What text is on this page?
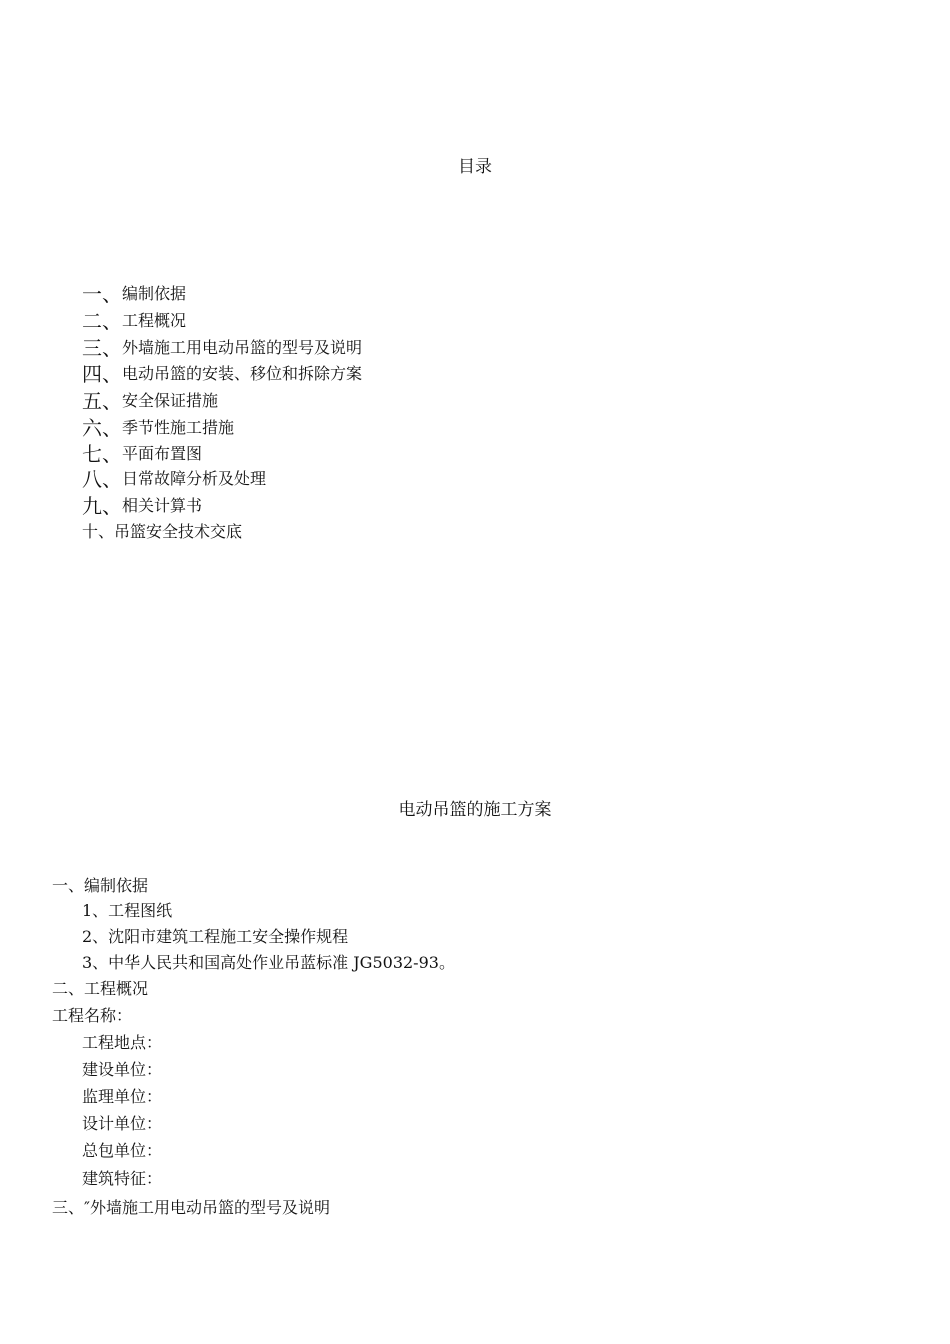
目录
一、编制依据
二、工程概况
三、外墙施工用电动吊篮的型号及说明
四、电动吊篮的安装、移位和拆除方案
五、安全保证措施
六、季节性施工措施
七、平面布置图
八、日常故障分析及处理
九、相关计算书
十、吊篮安全技术交底
电动吊篮的施工方案
一、编制依据
1、工程图纸
2、沈阳市建筑工程施工安全操作规程
3、中华人民共和国高处作业吊蓝标准 JG5032-93。
二、工程概况
工程名称：
工程地点：
建设单位：
监理单位：
设计单位：
总包单位：
建筑特征：
三、″外墙施工用电动吊篮的型号及说明
